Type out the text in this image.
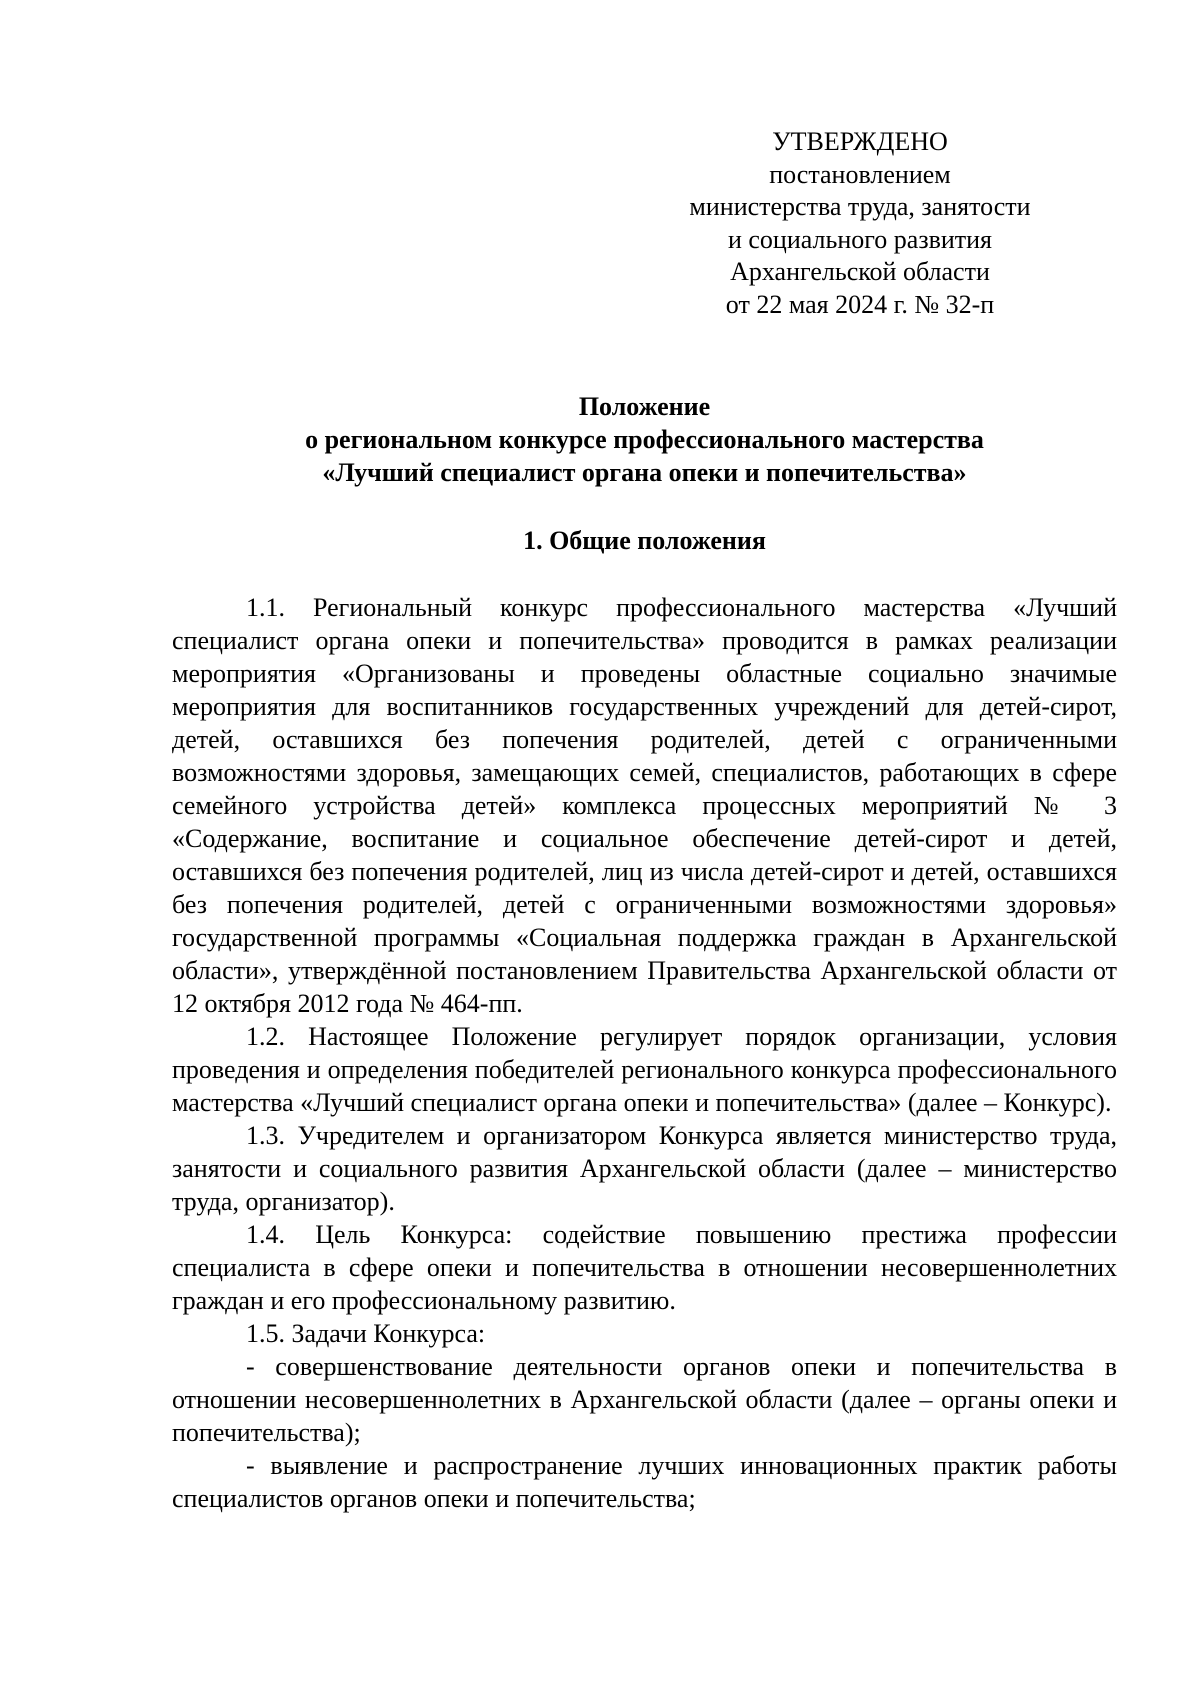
УТВЕРЖДЕНО
постановлением
министерства труда, занятости
и социального развития
Архангельской области
от 22 мая 2024 г. № 32-п
Положение
о региональном конкурсе профессионального мастерства
«Лучший специалист органа опеки и попечительства»
1. Общие положения

1.1. Региональный конкурс профессионального мастерства «Лучший специалист органа опеки и попечительства» проводится в рамках реализации мероприятия «Организованы и проведены областные социально значимые мероприятия для воспитанников государственных учреждений для детей-сирот, детей, оставшихся без попечения родителей, детей с ограниченными возможностями здоровья, замещающих семей, специалистов, работающих в сфере семейного устройства детей» комплекса процессных мероприятий № 3 «Содержание, воспитание и социальное обеспечение детей-сирот и детей, оставшихся без попечения родителей, лиц из числа детей-сирот и детей, оставшихся без попечения родителей, детей с ограниченными возможностями здоровья» государственной программы «Социальная поддержка граждан в Архангельской области», утверждённой постановлением Правительства Архангельской области от 12 октября 2012 года № 464-пп.

1.2. Настоящее Положение регулирует порядок организации, условия проведения и определения победителей регионального конкурса профессионального мастерства «Лучший специалист органа опеки и попечительства» (далее – Конкурс).

1.3. Учредителем и организатором Конкурса является министерство труда, занятости и социального развития Архангельской области (далее – министерство труда, организатор).

1.4. Цель Конкурса: содействие повышению престижа профессии специалиста в сфере опеки и попечительства в отношении несовершеннолетних граждан и его профессиональному развитию.

1.5. Задачи Конкурса:

- совершенствование деятельности органов опеки и попечительства в отношении несовершеннолетних в Архангельской области (далее – органы опеки и попечительства);

- выявление и распространение лучших инновационных практик работы специалистов органов опеки и попечительства;
